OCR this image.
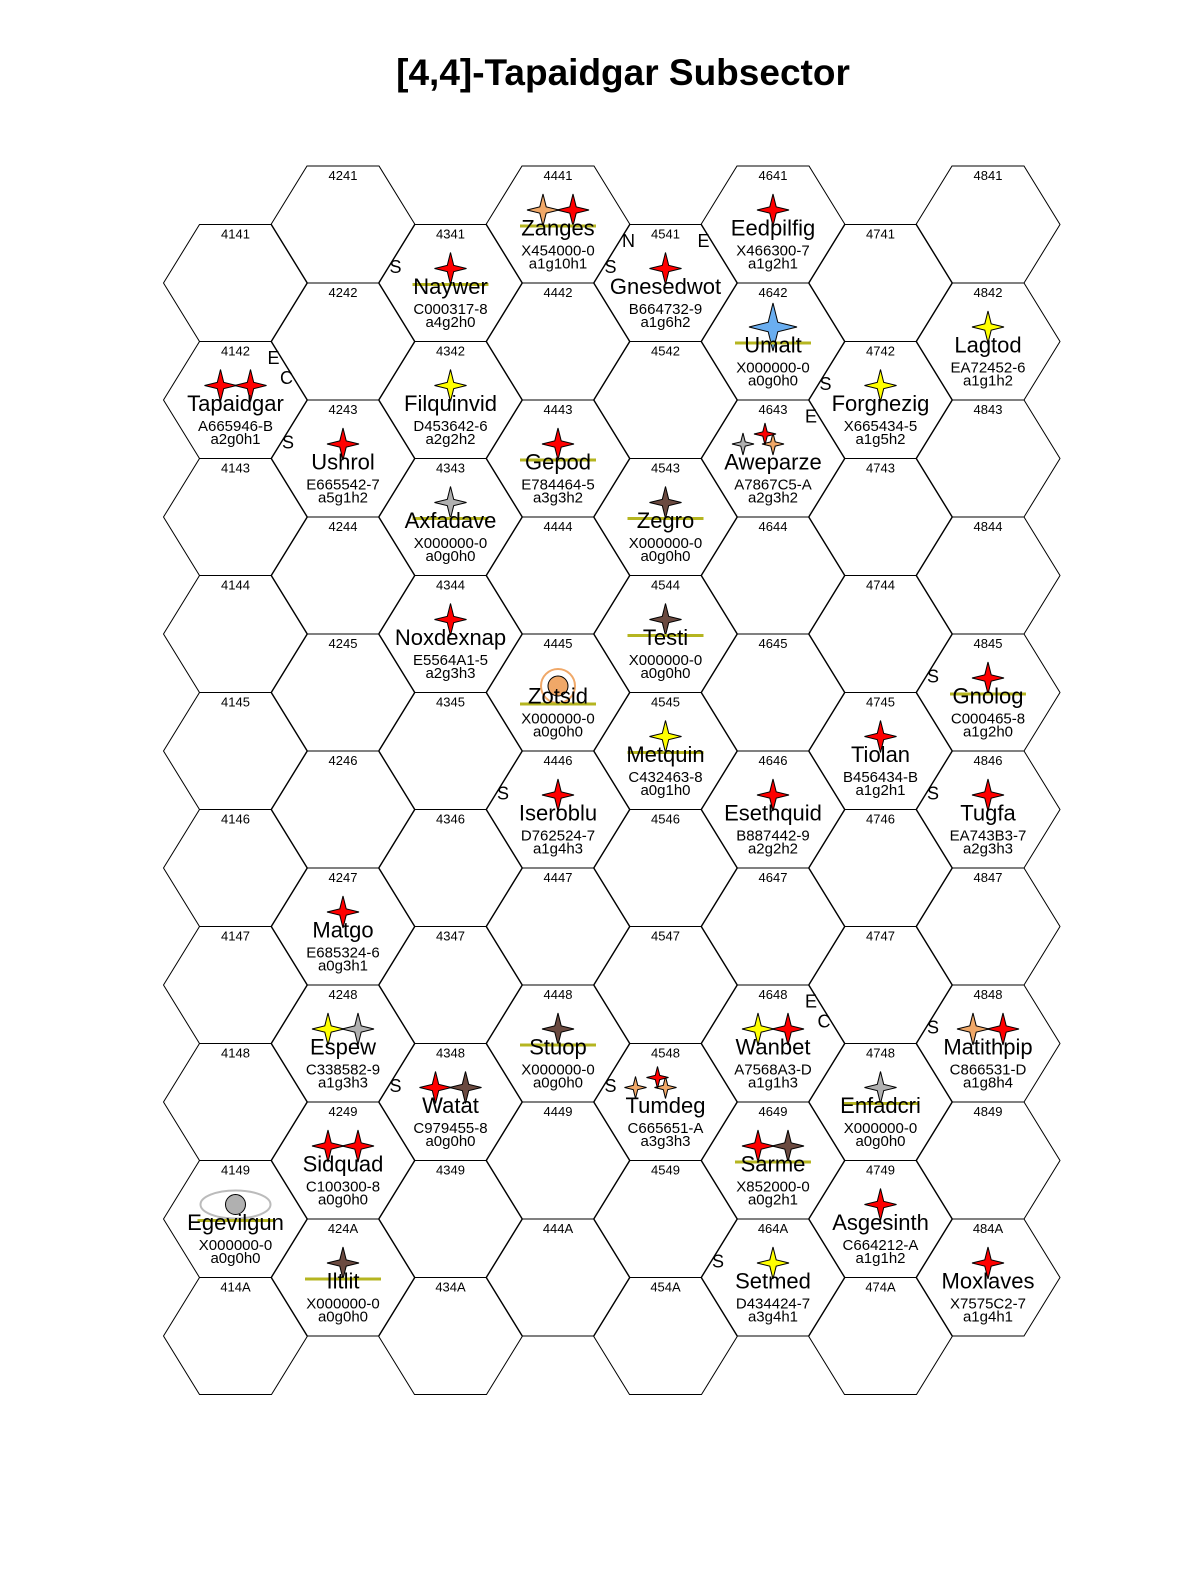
[4,4]-Tapaidgar Subsector
4141
4241
4341
4441
4541
4641
4741
4841
4142
4242
4342
4442
4542
4642
4742
4842
4143
4243
4343
4443
4543
4643
4743
4843
4144
4244
4344
4444
4544
4644
4744
4844
4145
4245
4345
4445
4545
4645
4745
4845
4146
4246
4346
4446
4546
4646
4746
4846
4147
4247
4347
4447
4547
4647
4747
4847
4148
4248
4348
4448
4548
4648
4748
4848
4149
4249
4349
4449
4549
4649
4749
4849
414A
424A
434A
444A
454A
464A
474A
484A
Tapaidgar
A665946-B
a2g0h1
E
C
Ushrol
E665542-7
a5g1h2
S
Matgo
E685324-6
a0g3h1
Espew
C338582-9
a1g3h3
Sidquad
C100300-8
a0g0h0
Iltlit
X000000-0
a0g0h0
Naywer
C000317-8
a4g2h0
S
Filquinvid
D453642-6
a2g2h2
Axfadave
X000000-0
a0g0h0
Noxdexnap
E5564A1-5
a2g3h3
Watat
C979455-8
a0g0h0
S
Zanges
X454000-0
a1g10h1
Gepod
E784464-5
a3g3h2
Zotsid
X000000-0
a0g0h0
Iseroblu
D762524-7
a1g4h3
S
Stuop
X000000-0
a0g0h0
Gnesedwot
B664732-9
a1g6h2
N
S
E
Zegro
X000000-0
a0g0h0
Testi
X000000-0
a0g0h0
Metquin
C432463-8
a0g1h0
Tumdeg
C665651-A
a3g3h3
S
Eedpilfig
X466300-7
a1g2h1
Umalt
X000000-0
a0g0h0
Aweparze
A7867C5-A
a2g3h2
E
Esethquid
B887442-9
a2g2h2
Wanbet
A7568A3-D
a1g1h3
E
C
Sarme
X852000-0
a0g2h1
Setmed
D434424-7
a3g4h1
S
Forgnezig
X665434-5
a1g5h2
S
Tiolan
B456434-B
a1g2h1
Enfadcri
X000000-0
a0g0h0
Asgesinth
C664212-A
a1g1h2
Lagtod
EA72452-6
a1g1h2
Gnolog
C000465-8
a1g2h0
S
Tugfa
EA743B3-7
a2g3h3
S
Matithpip
C866531-D
a1g8h4
S
Moxlaves
X7575C2-7
a1g4h1
Egevilgun
X000000-0
a0g0h0
